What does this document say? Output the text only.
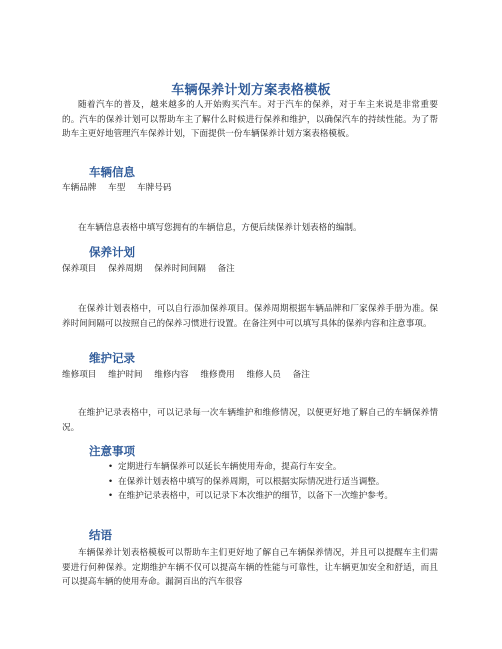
车辆保养计划方案表格模板

随着汽车的普及，越来越多的人开始购买汽车。对于汽车的保养，对于车主来说是非常重要的。汽车的保养计划可以帮助车主了解什么时候进行保养和维护，以确保汽车的持续性能。为了帮助车主更好地管理汽车保养计划，下面提供一份车辆保养计划方案表格模板。

车辆信息
车辆品牌 车型 车牌号码

在车辆信息表格中填写您拥有的车辆信息，方便后续保养计划表格的编制。

保养计划
保养项目 保养周期 保养时间间隔 备注

在保养计划表格中，可以自行添加保养项目。保养周期根据车辆品牌和厂家保养手册为准。保养时间间隔可以按照自己的保养习惯进行设置。在备注列中可以填写具体的保养内容和注意事项。

维护记录
维修项目 维护时间 维修内容 维修费用 维修人员 备注

在维护记录表格中，可以记录每一次车辆维护和维修情况，以便更好地了解自己的车辆保养情况。

注意事项
• 定期进行车辆保养可以延长车辆使用寿命，提高行车安全。
• 在保养计划表格中填写的保养周期，可以根据实际情况进行适当调整。
• 在维护记录表格中，可以记录下本次维护的细节，以备下一次维护参考。
结语

车辆保养计划表格模板可以帮助车主们更好地了解自己车辆保养情况，并且可以提醒车主们需要进行何种保养。定期维护车辆不仅可以提高车辆的性能与可靠性，让车辆更加安全和舒适，而且可以提高车辆的使用寿命。漏洞百出的汽车很容
